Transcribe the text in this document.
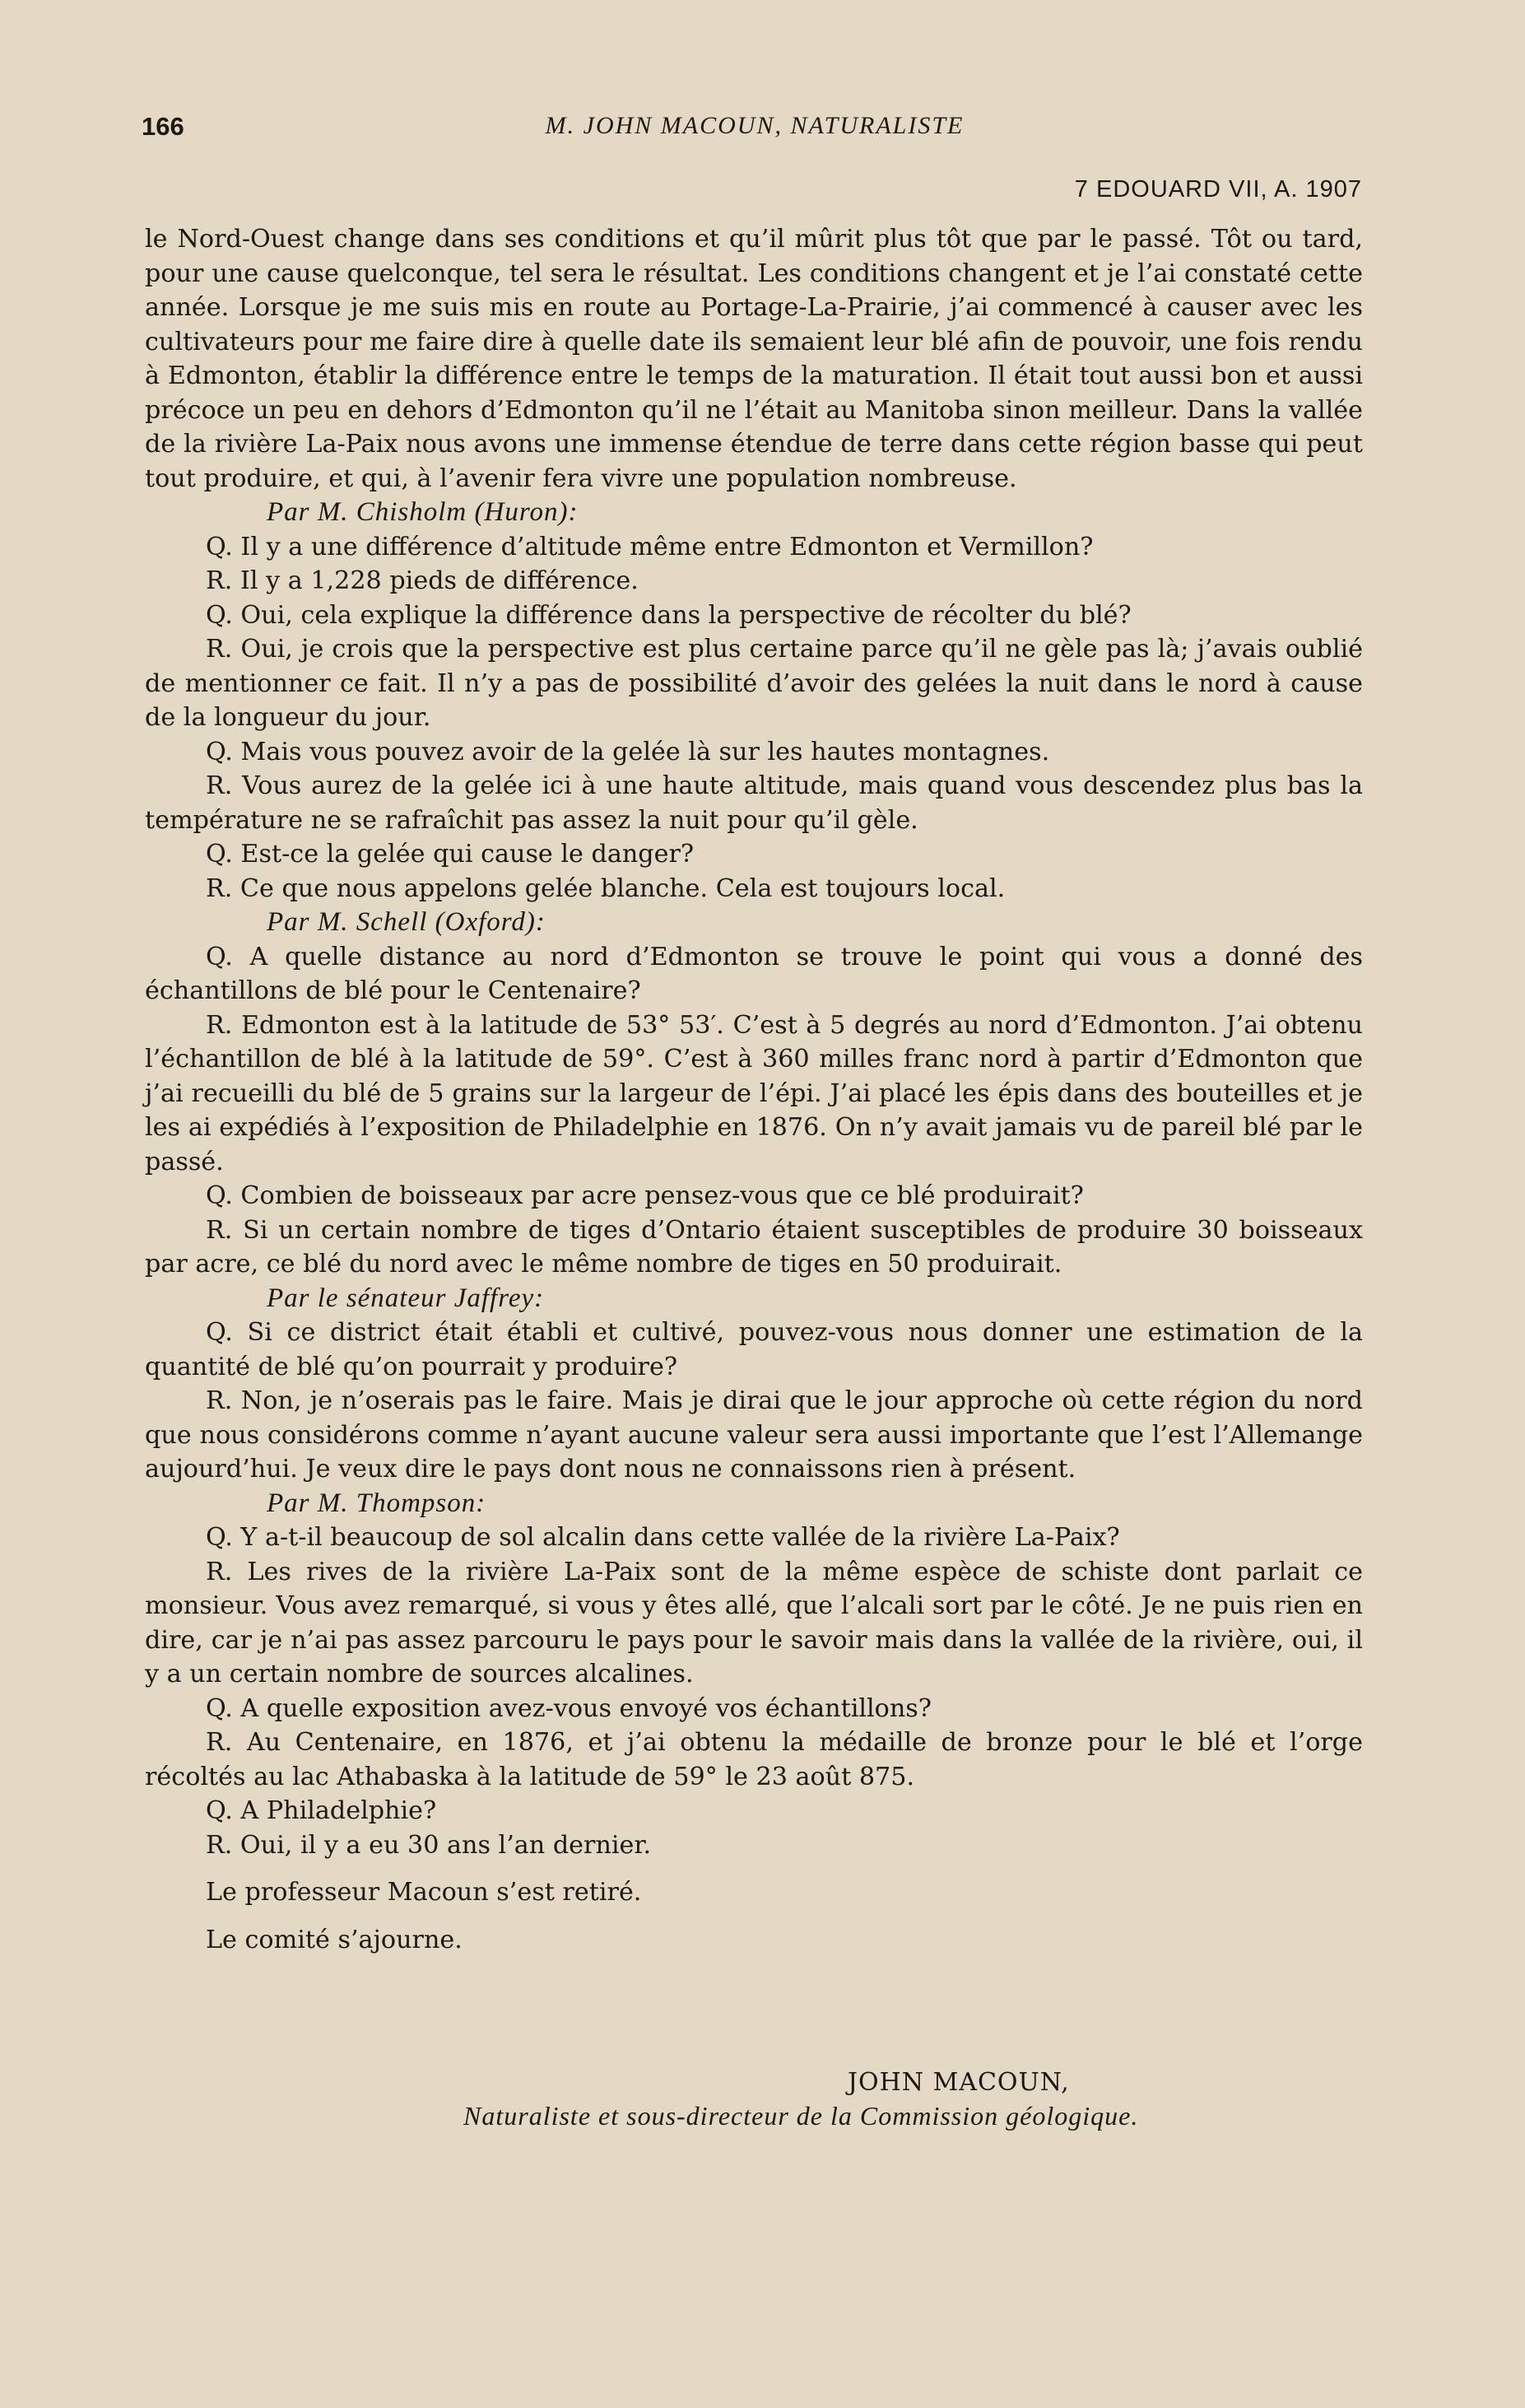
166	M. JOHN MACOUN, NATURALISTE
7 EDOUARD VII, A. 1907

le Nord-Ouest change dans ses conditions et qu’il mûrit plus tôt que par le passé. Tôt ou tard, pour une cause quelconque, tel sera le résultat. Les conditions changent et je l’ai constaté cette année. Lorsque je me suis mis en route au Portage-La-Prairie, j’ai commencé à causer avec les cultivateurs pour me faire dire à quelle date ils semaient leur blé afin de pouvoir, une fois rendu à Edmonton, établir la différence entre le temps de la maturation. Il était tout aussi bon et aussi précoce un peu en dehors d’Edmonton qu’il ne l’était au Manitoba sinon meilleur. Dans la vallée de la rivière La-Paix nous avons une immense étendue de terre dans cette région basse qui peut tout produire, et qui, à l’avenir fera vivre une population nombreuse.

Par M. Chisholm (Huron):

Q. Il y a une différence d’altitude même entre Edmonton et Vermillon?

R. Il y a 1,228 pieds de différence.

Q. Oui, cela explique la différence dans la perspective de récolter du blé?

R. Oui, je crois que la perspective est plus certaine parce qu’il ne gèle pas là; j’avais oublié de mentionner ce fait. Il n’y a pas de possibilité d’avoir des gelées la nuit dans le nord à cause de la longueur du jour.

Q. Mais vous pouvez avoir de la gelée là sur les hautes montagnes.

R. Vous aurez de la gelée ici à une haute altitude, mais quand vous descendez plus bas la température ne se rafraîchit pas assez la nuit pour qu’il gèle.

Q. Est-ce la gelée qui cause le danger?

R. Ce que nous appelons gelée blanche. Cela est toujours local.

Par M. Schell (Oxford):

Q. A quelle distance au nord d’Edmonton se trouve le point qui vous a donné des échantillons de blé pour le Centenaire?

R. Edmonton est à la latitude de 53° 53′. C’est à 5 degrés au nord d’Edmonton. J’ai obtenu l’échantillon de blé à la latitude de 59°. C’est à 360 milles franc nord à partir d’Edmonton que j’ai recueilli du blé de 5 grains sur la largeur de l’épi. J’ai placé les épis dans des bouteilles et je les ai expédiés à l’exposition de Philadelphie en 1876. On n’y avait jamais vu de pareil blé par le passé.

Q. Combien de boisseaux par acre pensez-vous que ce blé produirait?

R. Si un certain nombre de tiges d’Ontario étaient susceptibles de produire 30 boisseaux par acre, ce blé du nord avec le même nombre de tiges en 50 produirait.

Par le sénateur Jaffrey:

Q. Si ce district était établi et cultivé, pouvez-vous nous donner une estimation de la quantité de blé qu’on pourrait y produire?

R. Non, je n’oserais pas le faire. Mais je dirai que le jour approche où cette région du nord que nous considérons comme n’ayant aucune valeur sera aussi importante que l’est l’Allemange aujourd’hui. Je veux dire le pays dont nous ne connaissons rien à présent.

Par M. Thompson:

Q. Y a-t-il beaucoup de sol alcalin dans cette vallée de la rivière La-Paix?

R. Les rives de la rivière La-Paix sont de la même espèce de schiste dont parlait ce monsieur. Vous avez remarqué, si vous y êtes allé, que l’alcali sort par le côté. Je ne puis rien en dire, car je n’ai pas assez parcouru le pays pour le savoir mais dans la vallée de la rivière, oui, il y a un certain nombre de sources alcalines.

Q. A quelle exposition avez-vous envoyé vos échantillons?

R. Au Centenaire, en 1876, et j’ai obtenu la médaille de bronze pour le blé et l’orge récoltés au lac Athabaska à la latitude de 59° le 23 août 875.

Q. A Philadelphie?

R. Oui, il y a eu 30 ans l’an dernier.

Le professeur Macoun s’est retiré.

Le comité s’ajourne.

JOHN MACOUN,
Naturaliste et sous-directeur de la Commission géologique.
